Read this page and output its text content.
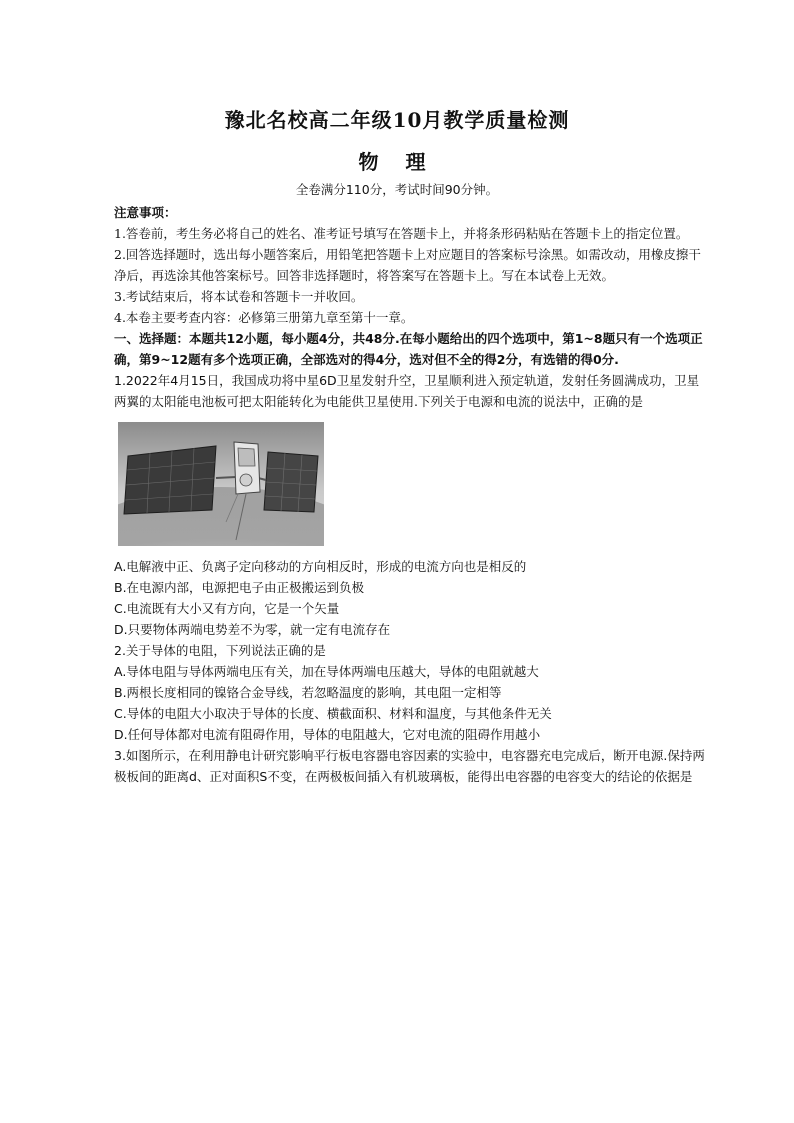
豫北名校高二年级10月教学质量检测
物 理
全卷满分110分，考试时间90分钟。

注意事项：

1.答卷前，考生务必将自己的姓名、准考证号填写在答题卡上，并将条形码粘贴在答题卡上的指定位置。

2.回答选择题时，选出每小题答案后，用铅笔把答题卡上对应题目的答案标号涂黑。如需改动，用橡皮擦干净后，再选涂其他答案标号。回答非选择题时，将答案写在答题卡上。写在本试卷上无效。

3.考试结束后，将本试卷和答题卡一并收回。

4.本卷主要考查内容：必修第三册第九章至第十一章。

一、选择题：本题共12小题，每小题4分，共48分.在每小题给出的四个选项中，第1~8题只有一个选项正确，第9~12题有多个选项正确，全部选对的得4分，选对但不全的得2分，有选错的得0分.

1.2022年4月15日，我国成功将中星6D卫星发射升空，卫星顺利进入预定轨道，发射任务圆满成功，卫星两翼的太阳能电池板可把太阳能转化为电能供卫星使用.下列关于电源和电流的说法中，正确的是

A.电解液中正、负离子定向移动的方向相反时，形成的电流方向也是相反的

B.在电源内部，电源把电子由正极搬运到负极

C.电流既有大小又有方向，它是一个矢量

D.只要物体两端电势差不为零，就一定有电流存在

2.关于导体的电阻，下列说法正确的是

A.导体电阻与导体两端电压有关，加在导体两端电压越大，导体的电阻就越大

B.两根长度相同的镍铬合金导线，若忽略温度的影响，其电阻一定相等

C.导体的电阻大小取决于导体的长度、横截面积、材料和温度，与其他条件无关

D.任何导体都对电流有阻碍作用，导体的电阻越大，它对电流的阻碍作用越小

3.如图所示，在利用静电计研究影响平行板电容器电容因素的实验中，电容器充电完成后，断开电源.保持两极板间的距离d、正对面积S不变，在两极板间插入有机玻璃板，能得出电容器的电容变大的结论的依据是
